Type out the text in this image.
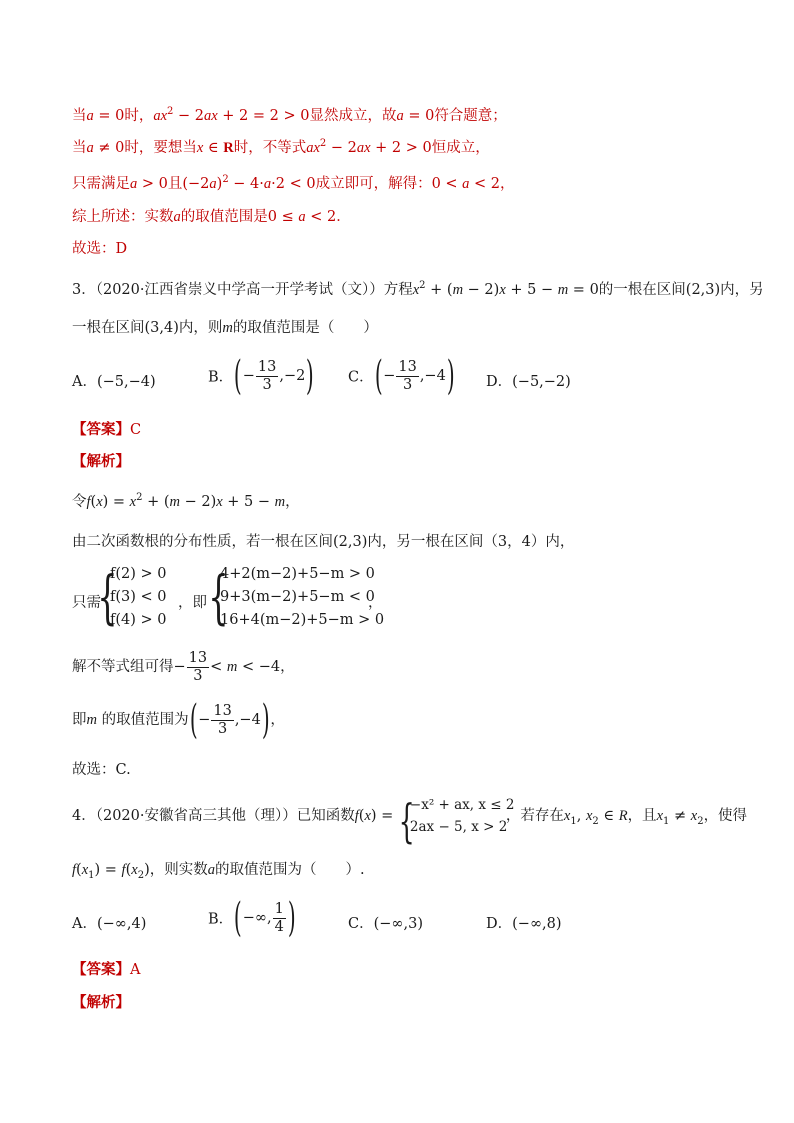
当a = 0时，$ax^2 - 2ax + 2 = 2 > 0$显然成立，故a = 0符合题意；
当a ≠ 0时，要想当x ∈ R时，不等式$ax^2 - 2ax + 2 > 0$恒成立，
只需满足a > 0且$(-2a)^2 - 4\cdot a\cdot 2 < 0$成立即可，解得：0 < a < 2，
综上所述：实数a的取值范围是0 ≤ a < 2．
故选：D
3．（2020·江西省崇义中学高一开学考试（文））方程$x^2 + (m - 2)x + 5 - m = 0$的一根在区间(2,3)内，另
一根在区间(3,4)内，则m的取值范围是（　　）
A．(−5,−4)	B．(− $\frac{13}{3} ,-2$) C．(− $\frac{13}{3} ,-4$) D．(−5,−2)
【答案】C
【解析】
令$f(x) = x^2 + (m - 2)x + 5 - m$，
由二次函数根的分布性质，若一根在区间(2,3)内，另一根在区间（3，4）内，
只需
{
f(2) > 0
f(3) < 0
f(4) > 0
，即 {
4+2(m−2)+5−m > 0
9+3(m−2)+5−m < 0
16+4(m−2)+5−m > 0
，
解不等式组可得− $\frac{13}{3} < m < -4$，
即m 的取值范围为(− $\frac{13}{3} ,-4$)，
故选：C.
4．（2020·安徽省高三其他（理））已知函数f(x) = {
−x² + ax, x ≤ 2
2ax − 5, x > 2
，若存在$x_1$, $x_2$ ∈ R，且$x_1 \ne x_2$，使得
$f(x_1) = f(x_2)$，则实数a的取值范围为（　　）.
A．(−∞,4)	B．(−∞, $\frac{1}{4}$ )	C．(−∞,3)	D．(−∞,8)
【答案】A
【解析】
